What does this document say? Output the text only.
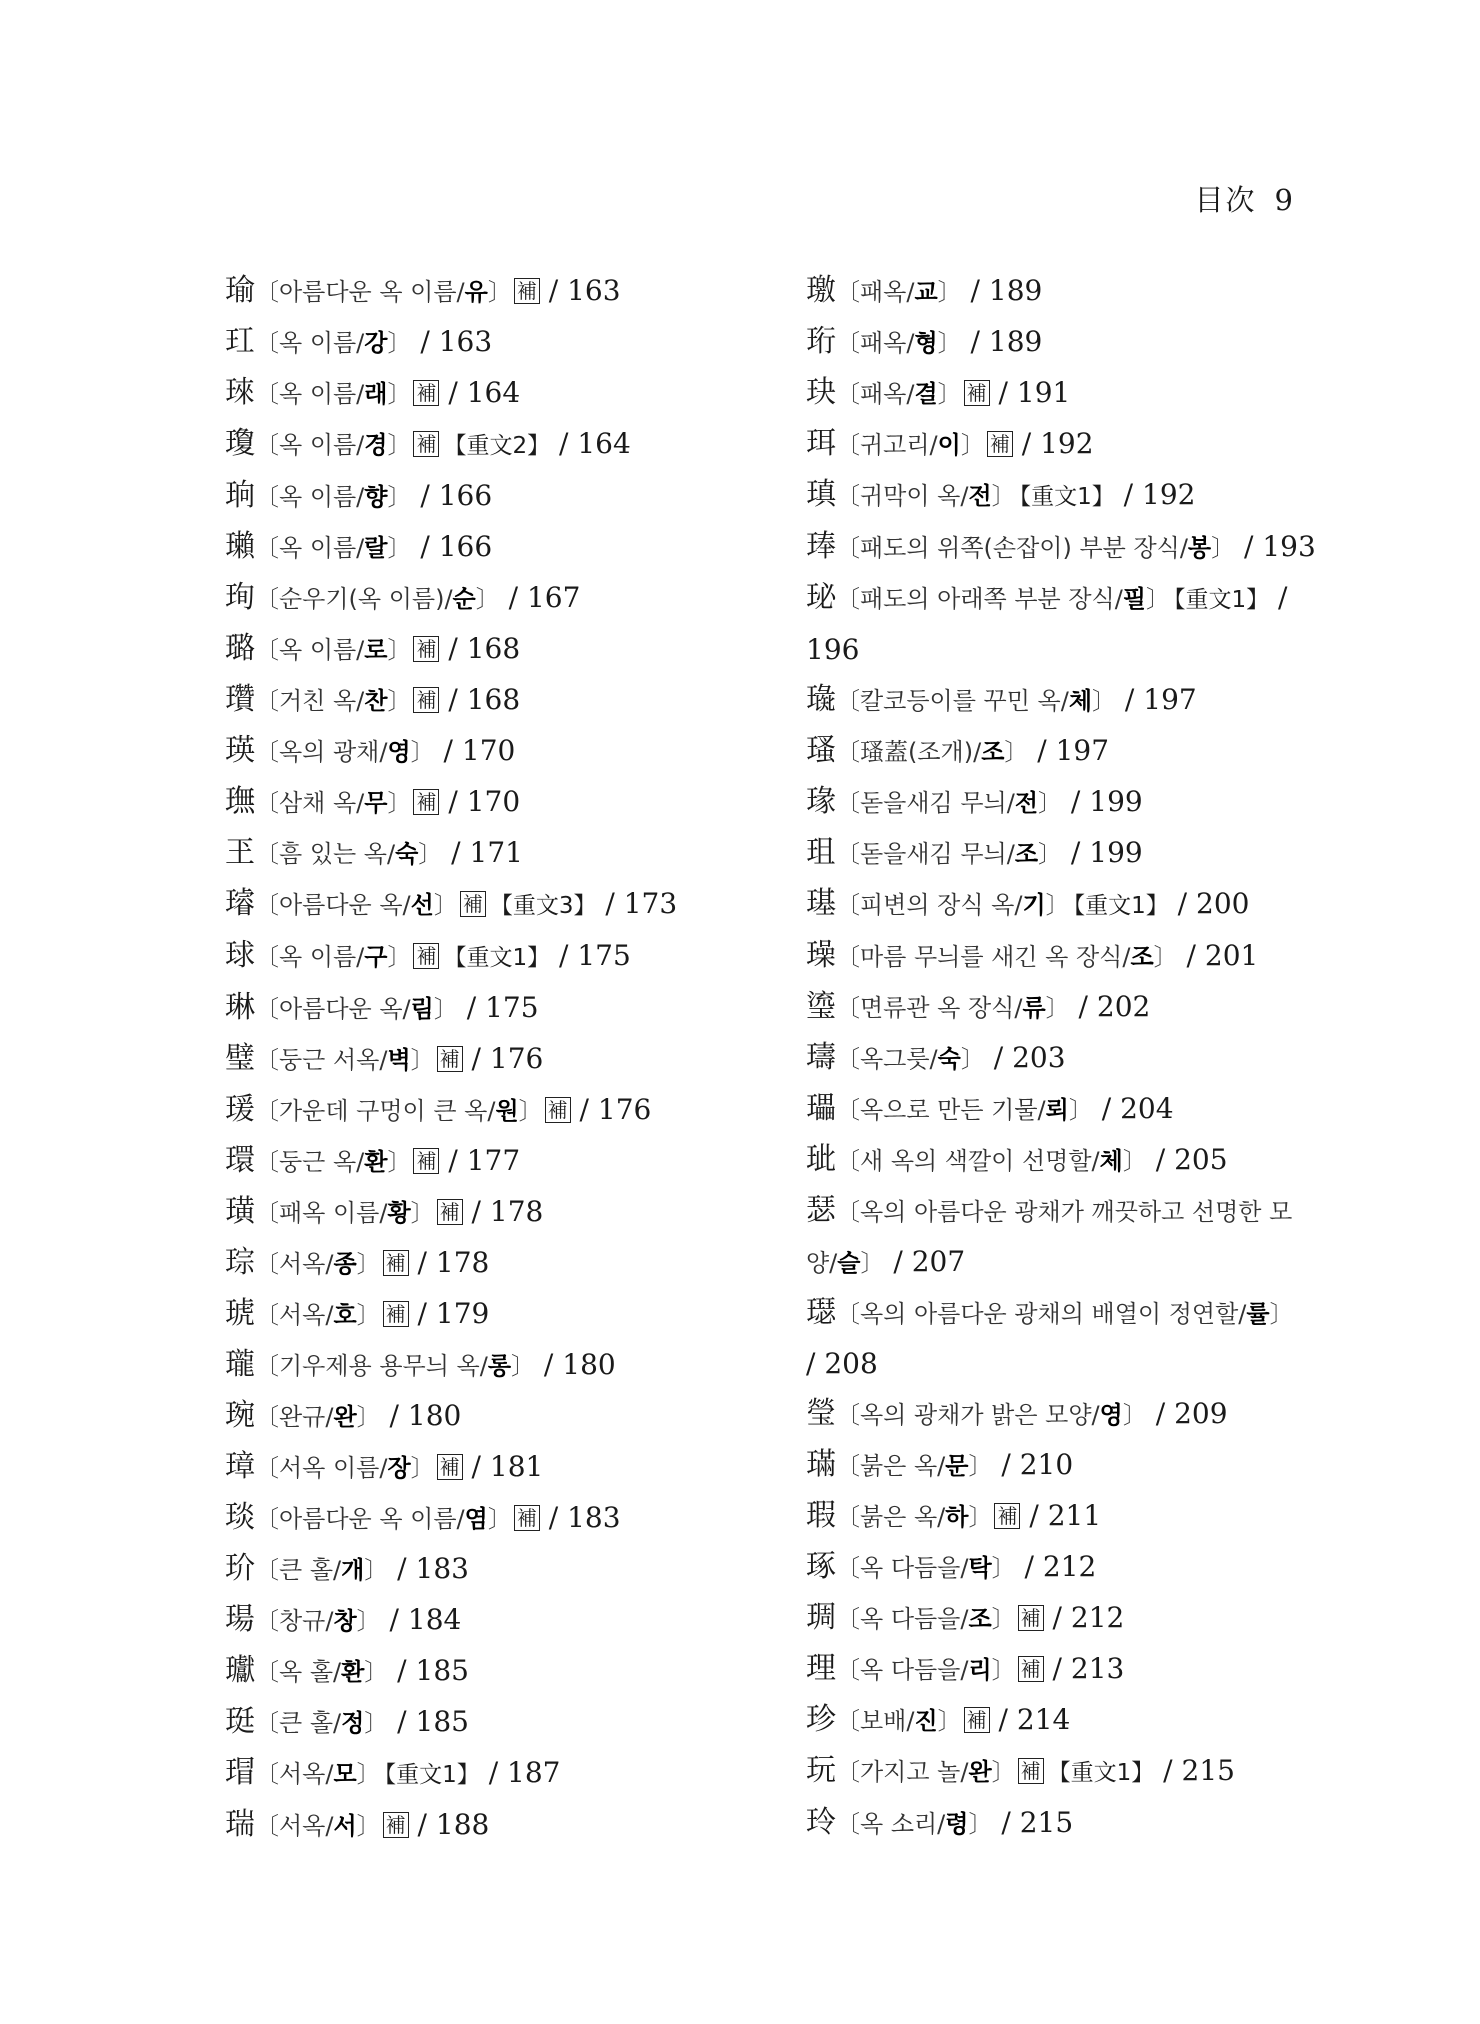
目次 9
瑜〔아름다운 옥 이름/유〕 補 / 163
玒〔옥 이름/강〕 / 163
琜〔옥 이름/래〕 補 / 164
瓊〔옥 이름/경〕 補 【重文2】 / 164
珦〔옥 이름/향〕 / 166
瓎〔옥 이름/랄〕 / 166
珣〔순우기(옥 이름)/순〕 / 167
璐〔옥 이름/로〕 補 / 168
瓚〔거친 옥/찬〕 補 / 168
瑛〔옥의 광채/영〕 / 170
璑〔삼채 옥/무〕 補 / 170
玊〔흠 있는 옥/숙〕 / 171
璿〔아름다운 옥/선〕 補 【重文3】 / 173
球〔옥 이름/구〕 補 【重文1】 / 175
琳〔아름다운 옥/림〕 / 175
璧〔둥근 서옥/벽〕 補 / 176
瑗〔가운데 구멍이 큰 옥/원〕 補 / 176
環〔둥근 옥/환〕 補 / 177
璜〔패옥 이름/황〕 補 / 178
琮〔서옥/종〕 補 / 178
琥〔서옥/호〕 補 / 179
瓏〔기우제용 용무늬 옥/롱〕 / 180
琬〔완규/완〕 / 180
璋〔서옥 이름/장〕 補 / 181
琰〔아름다운 옥 이름/염〕 補 / 183
玠〔큰 홀/개〕 / 183
瑒〔창규/창〕 / 184
瓛〔옥 홀/환〕 / 185
珽〔큰 홀/정〕 / 185
瑁〔서옥/모〕 【重文1】 / 187
瑞〔서옥/서〕 補 / 188
璬〔패옥/교〕 / 189
珩〔패옥/형〕 / 189
玦〔패옥/결〕 補 / 191
珥〔귀고리/이〕 補 / 192
瑱〔귀막이 옥/전〕 【重文1】 / 192
琫〔패도의 위쪽(손잡이) 부분 장식/봉〕 / 193
珌〔패도의 아래쪽 부분 장식/필〕 【重文1】 / 196
璏〔칼코등이를 꾸민 옥/체〕 / 197
瑵〔瑵蓋(조개)/조〕 / 197
瑑〔돋을새김 무늬/전〕 / 199
珇〔돋을새김 무늬/조〕 / 199
璂〔피변의 장식 옥/기〕 【重文1】 / 200
璪〔마름 무늬를 새긴 옥 장식/조〕 / 201
瑬〔면류관 옥 장식/류〕 / 202
璹〔옥그릇/숙〕 / 203
瓃〔옥으로 만든 기물/뢰〕 / 204
玼〔새 옥의 색깔이 선명할/체〕 / 205
瑟〔옥의 아름다운 광채가 깨끗하고 선명한 모양/슬〕 / 207
璱〔옥의 아름다운 광채의 배열이 정연할/률〕 / 208
瑩〔옥의 광채가 밝은 모양/영〕 / 209
璊〔붉은 옥/문〕 / 210
瑕〔붉은 옥/하〕 補 / 211
琢〔옥 다듬을/탁〕 / 212
琱〔옥 다듬을/조〕 補 / 212
理〔옥 다듬을/리〕 補 / 213
珍〔보배/진〕 補 / 214
玩〔가지고 놀/완〕 補 【重文1】 / 215
玲〔옥 소리/령〕 / 215
